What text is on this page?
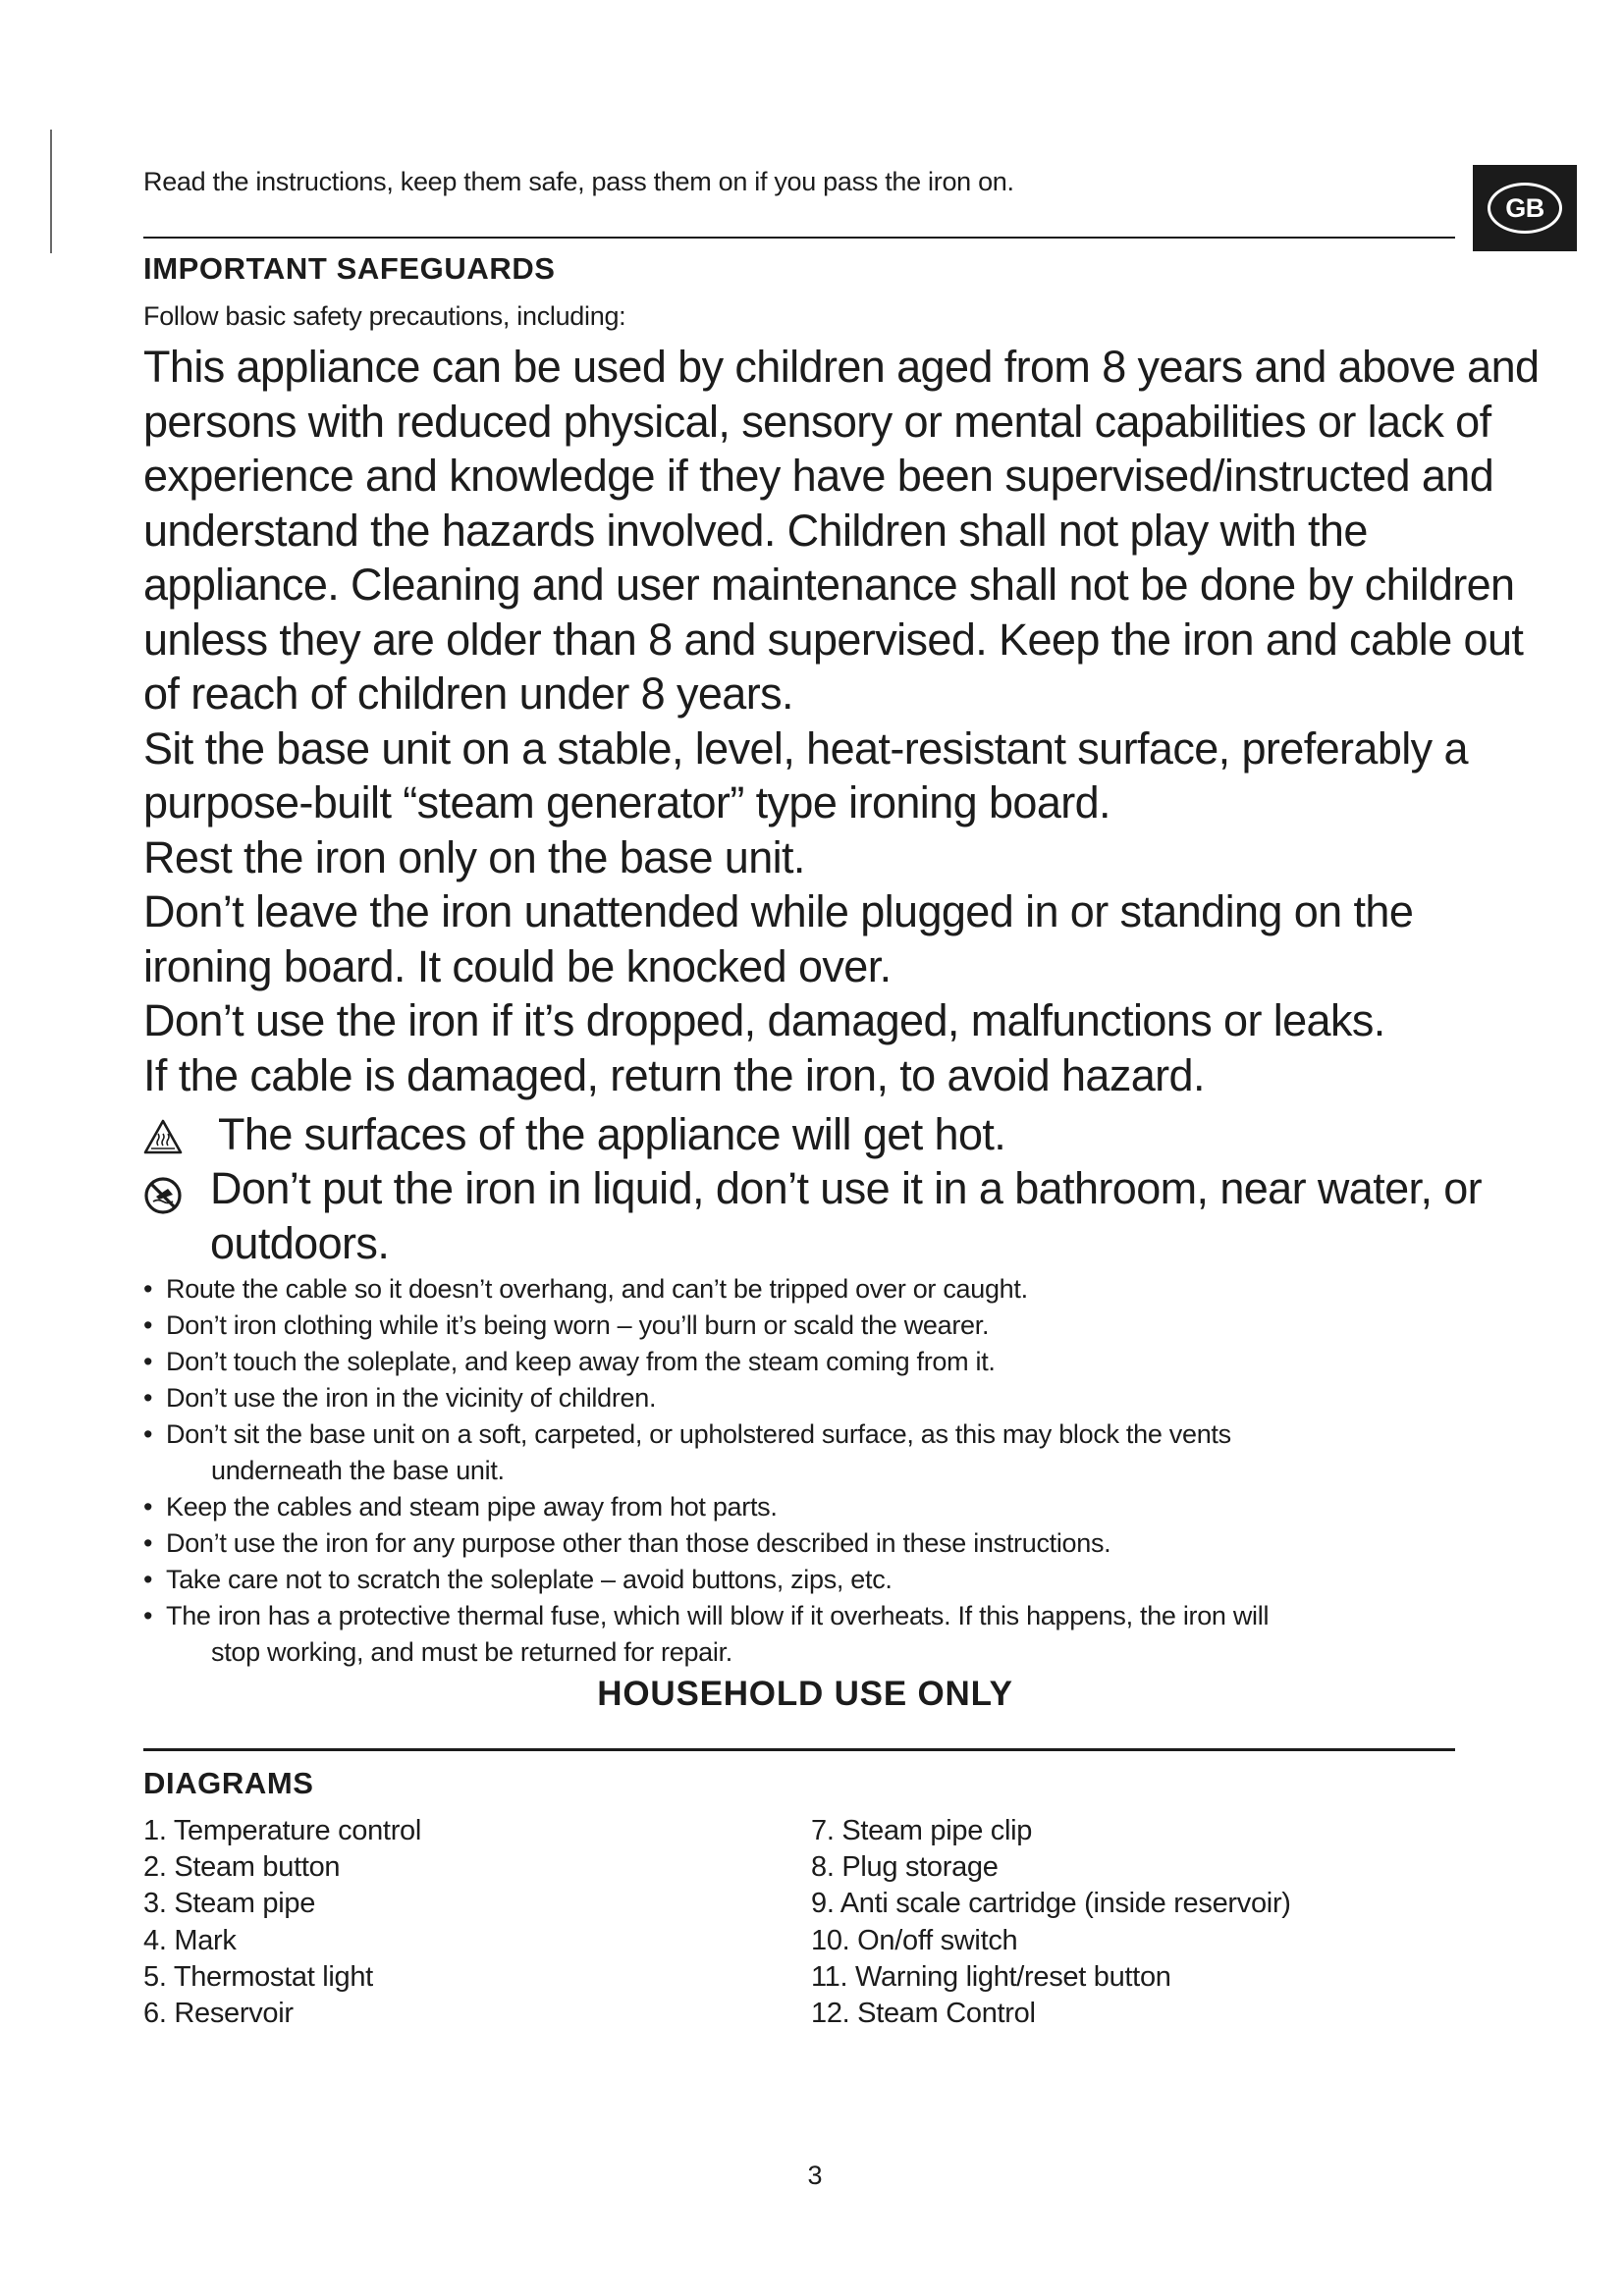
Read the instructions, keep them safe, pass them on if you pass the iron on.
GB
IMPORTANT SAFEGUARDS
Follow basic safety precautions, including:

This appliance can be used by children aged from 8 years and above and persons with reduced physical, sensory or mental capabilities or lack of experience and knowledge if they have been supervised/instructed and understand the hazards involved. Children shall not play with the appliance. Cleaning and user maintenance shall not be done by children unless they are older than 8 and supervised. Keep the iron and cable out of reach of children under 8 years.

Sit the base unit on a stable, level, heat-resistant surface, preferably a purpose-built “steam generator” type ironing board.

Rest the iron only on the base unit.

Don’t leave the iron unattended while plugged in or standing on the ironing board. It could be knocked over.

Don’t use the iron if it’s dropped, damaged, malfunctions or leaks.

If the cable is damaged, return the iron, to avoid hazard.

The surfaces of the appliance will get hot.
Don’t put the iron in liquid, don’t use it in a bathroom, near water, or outdoors.
• Route the cable so it doesn’t overhang, and can’t be tripped over or caught.
• Don’t iron clothing while it’s being worn – you’ll burn or scald the wearer.
• Don’t touch the soleplate, and keep away from the steam coming from it.
• Don’t use the iron in the vicinity of children.
• Don’t sit the base unit on a soft, carpeted, or upholstered surface, as this may block the vents
underneath the base unit.
• Keep the cables and steam pipe away from hot parts.
• Don’t use the iron for any purpose other than those described in these instructions.
• Take care not to scratch the soleplate – avoid buttons, zips, etc.
• The iron has a protective thermal fuse, which will blow if it overheats. If this happens, the iron will
stop working, and must be returned for repair.
HOUSEHOLD USE ONLY
DIAGRAMS
1. Temperature control
2. Steam button
3. Steam pipe
4. Mark
5. Thermostat light
6. Reservoir
7. Steam pipe clip
8. Plug storage
9. Anti scale cartridge (inside reservoir)
10. On/off switch
11. Warning light/reset button
12. Steam Control
3
